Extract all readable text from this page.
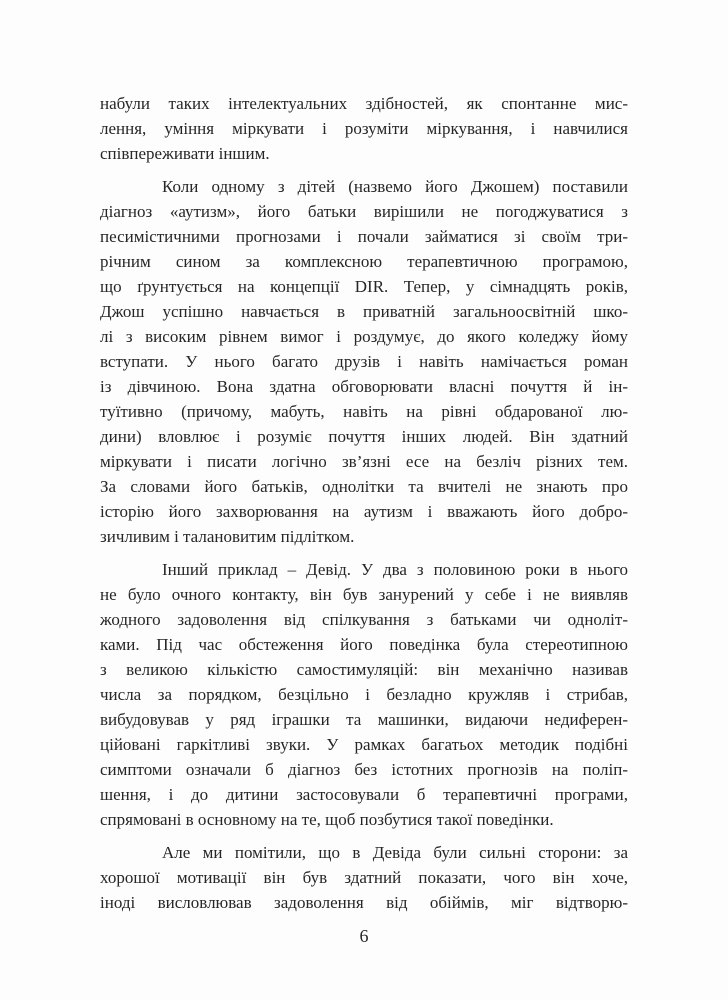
набули таких інтелектуальних здібностей, як спонтанне мис-
лення, уміння міркувати і розуміти міркування, і навчилися
співпереживати іншим.
Коли одному з дітей (назвемо його Джошем) поставили
діагноз «аутизм», його батьки вирішили не погоджуватися з
песимістичними прогнозами і почали займатися зі своїм три-
річним сином за комплексною терапевтичною програмою,
що ґрунтується на концепції DIR. Тепер, у сімнадцять років,
Джош успішно навчається в приватній загальноосвітній шко-
лі з високим рівнем вимог і роздумує, до якого коледжу йому
вступати. У нього багато друзів і навіть намічається роман
із дівчиною. Вона здатна обговорювати власні почуття й ін-
туїтивно (причому, мабуть, навіть на рівні обдарованої лю-
дини) вловлює і розуміє почуття інших людей. Він здатний
міркувати і писати логічно зв’язні есе на безліч різних тем.
За словами його батьків, однолітки та вчителі не знають про
історію його захворювання на аутизм і вважають його добро-
зичливим і талановитим підлітком.
Інший приклад – Девід. У два з половиною роки в нього
не було очного контакту, він був занурений у себе і не виявляв
жодного задоволення від спілкування з батьками чи одноліт-
ками. Під час обстеження його поведінка була стереотипною
з великою кількістю самостимуляцій: він механічно називав
числа за порядком, безцільно і безладно кружляв і стрибав,
вибудовував у ряд іграшки та машинки, видаючи недиферен-
ційовані гаркітливі звуки. У рамках багатьох методик подібні
симптоми означали б діагноз без істотних прогнозів на поліп-
шення, і до дитини застосовували б терапевтичні програми,
спрямовані в основному на те, щоб позбутися такої поведінки.
Але ми помітили, що в Девіда були сильні сторони: за
хорошої мотивації він був здатний показати, чого він хоче,
іноді висловлював задоволення від обіймів, міг відтворю-
6
